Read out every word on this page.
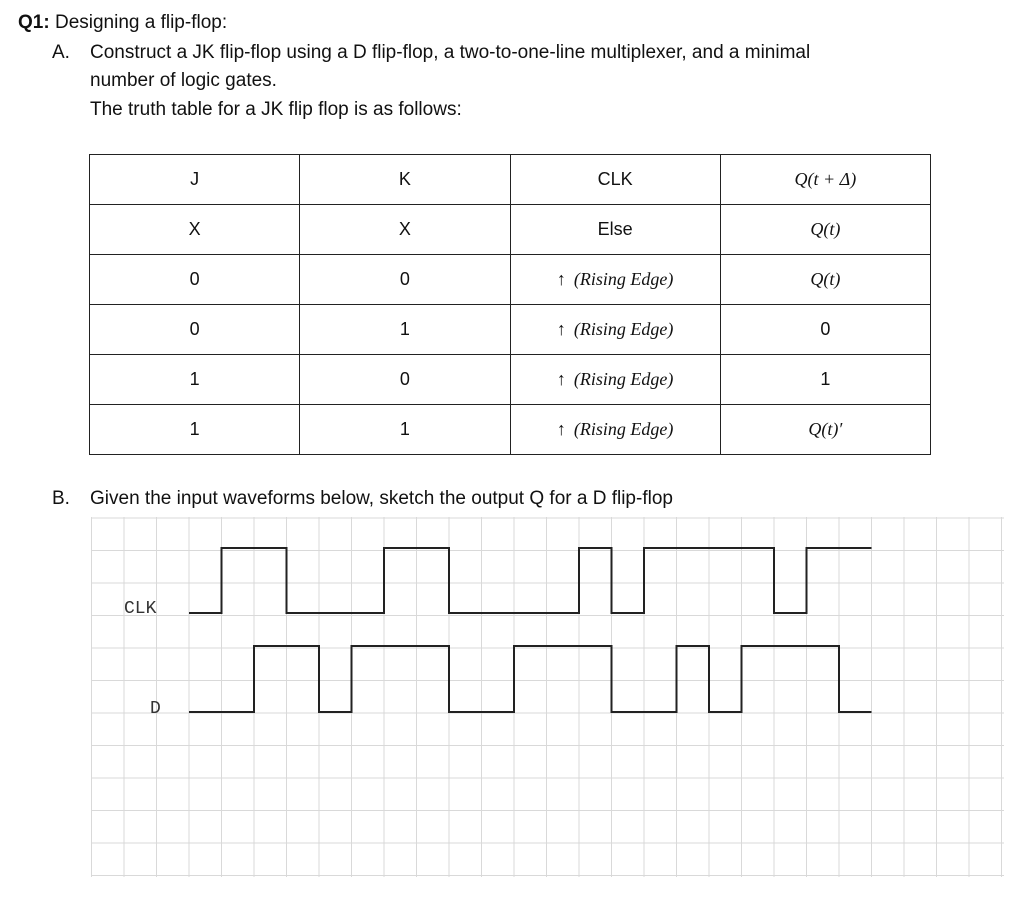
Q1: Designing a flip-flop:
A. Construct a JK flip-flop using a D flip-flop, a two-to-one-line multiplexer, and a minimal
number of logic gates.
The truth table for a JK flip flop is as follows:
J	K	CLK	Q(t + Δ)
X	X	Else	Q(t)
0	0	↑ (Rising Edge)	Q(t)
0	1	↑ (Rising Edge)	0
1	0	↑ (Rising Edge)	1
1	1	↑ (Rising Edge)	Q(t)′
B. Given the input waveforms below, sketch the output Q for a D flip-flop
CLK
D
